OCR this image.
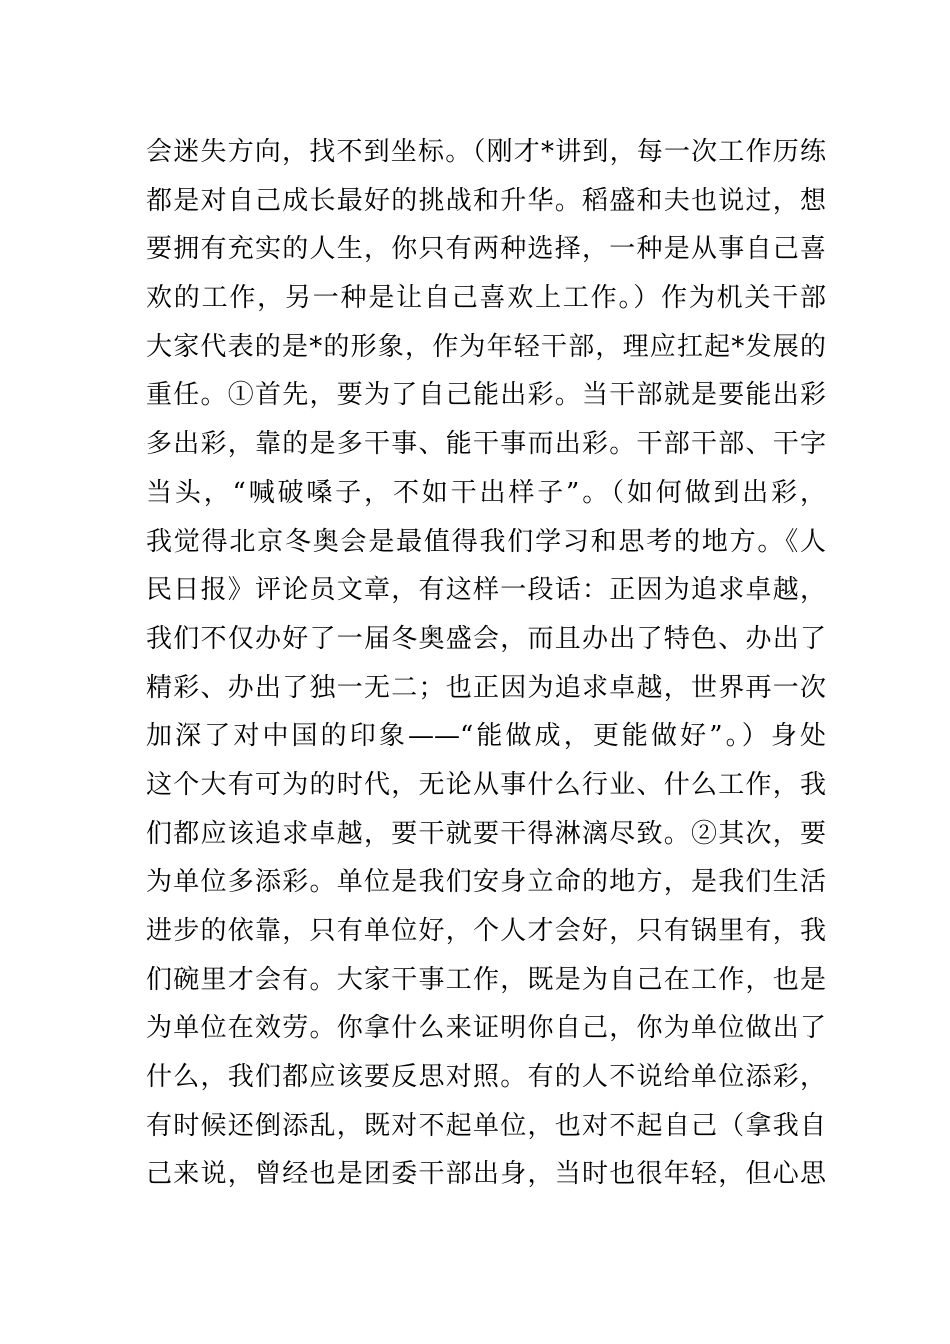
会迷失方向，找不到坐标。（刚才*讲到，每一次工作历练
都是对自己成长最好的挑战和升华。稻盛和夫也说过，想
要拥有充实的人生，你只有两种选择，一种是从事自己喜
欢的工作，另一种是让自己喜欢上工作。）作为机关干部
大家代表的是*的形象，作为年轻干部，理应扛起*发展的
重任。①首先，要为了自己能出彩。当干部就是要能出彩
多出彩，靠的是多干事、能干事而出彩。干部干部、干字
当头，“喊破嗓子，不如干出样子”。（如何做到出彩，
我觉得北京冬奥会是最值得我们学习和思考的地方。《人
民日报》评论员文章，有这样一段话：正因为追求卓越，
我们不仅办好了一届冬奥盛会，而且办出了特色、办出了
精彩、办出了独一无二；也正因为追求卓越，世界再一次
加深了对中国的印象——“能做成，更能做好”。）身处
这个大有可为的时代，无论从事什么行业、什么工作，我
们都应该追求卓越，要干就要干得淋漓尽致。②其次，要
为单位多添彩。单位是我们安身立命的地方，是我们生活
进步的依靠，只有单位好，个人才会好，只有锅里有，我
们碗里才会有。大家干事工作，既是为自己在工作，也是
为单位在效劳。你拿什么来证明你自己，你为单位做出了
什么，我们都应该要反思对照。有的人不说给单位添彩，
有时候还倒添乱，既对不起单位，也对不起自己（拿我自
己来说，曾经也是团委干部出身，当时也很年轻，但心思
